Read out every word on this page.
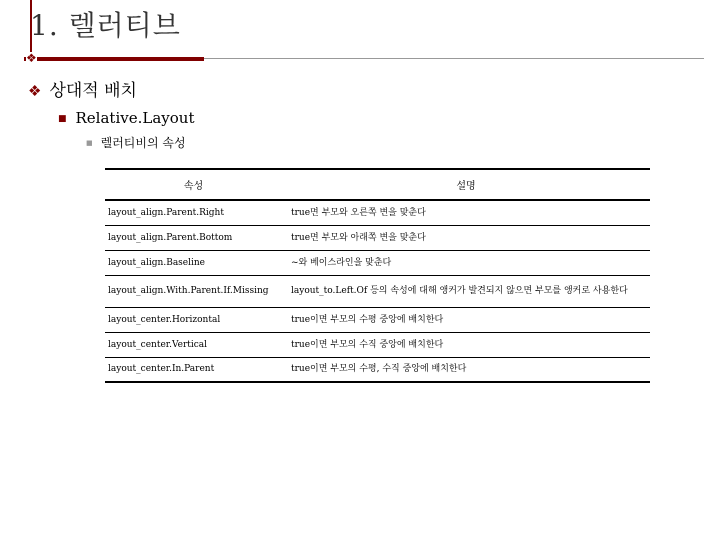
1. 렐러티브
❖
❖ 상대적 배치
■ Relative.Layout
■ 렐러티비의 속성
속성	설명
layout_align.Parent.Right	true면 부모와 오른쪽 변을 맞춘다
layout_align.Parent.Bottom	true면 부모와 아래쪽 변을 맞춘다
layout_align.Baseline	~와 베이스라인을 맞춘다
layout_align.With.Parent.If.Missing	layout_to.Left.Of 등의 속성에 대해 앵커가 발견되지 않으면 부모를 앵커로 사용한다
layout_center.Horizontal	true이면 부모의 수평 중앙에 배치한다
layout_center.Vertical	true이면 부모의 수직 중앙에 배치한다
layout_center.In.Parent	true이면 부모의 수평, 수직 중앙에 배치한다
